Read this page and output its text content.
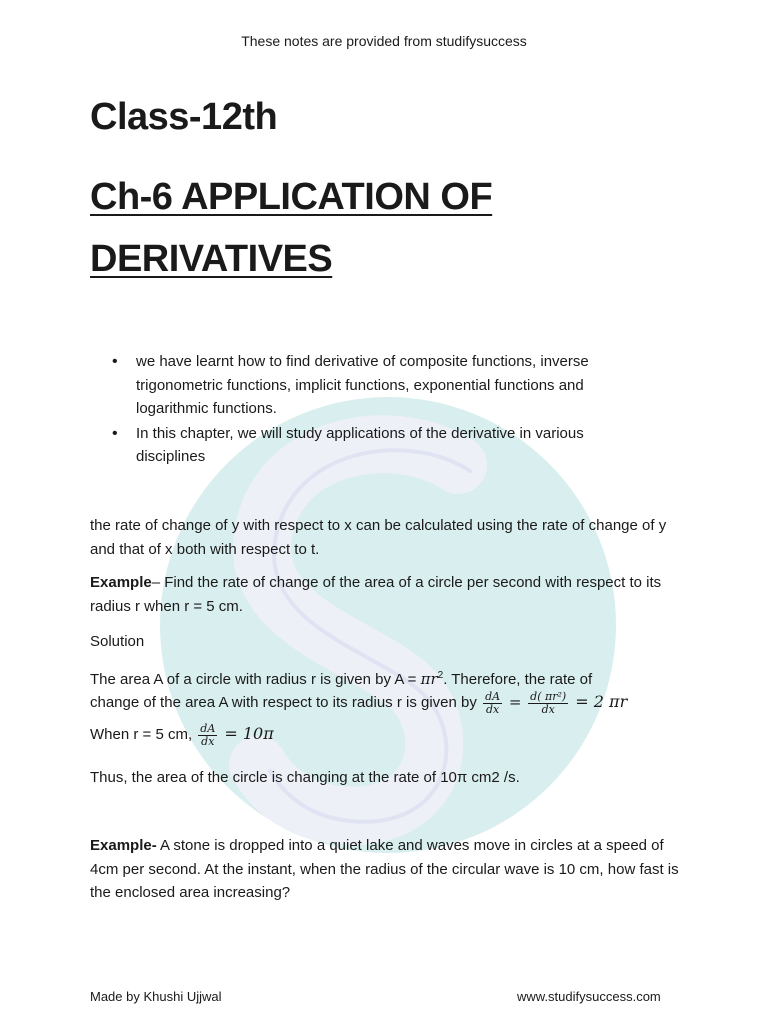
These notes are provided from studifysuccess
Class-12th
Ch-6 APPLICATION OF
DERIVATIVES
• we have learnt how to find derivative of composite functions, inverse trigonometric functions, implicit functions, exponential functions and logarithmic functions.
• In this chapter, we will study applications of the derivative in various disciplines
the rate of change of y with respect to x can be calculated using the rate of change of y and that of x both with respect to t.
Example– Find the rate of change of the area of a circle per second with respect to its radius r when r = 5 cm.
Solution
The area A of a circle with radius r is given by $A = \pi r^2$. Therefore, the rate of
change of the area A with respect to its radius r is given by $\frac{dA}{dx} = \frac{\text{d( πr²)}}{dx} = 2$ πr
When r = 5 cm, $\frac{dA}{dx} = 10\pi$
Thus, the area of the circle is changing at the rate of 10π cm2 /s.
Example- A stone is dropped into a quiet lake and waves move in circles at a speed of 4cm per second. At the instant, when the radius of the circular wave is 10 cm, how fast is the enclosed area increasing?
Made by Khushi Ujjwal	www.studifysuccess.com
